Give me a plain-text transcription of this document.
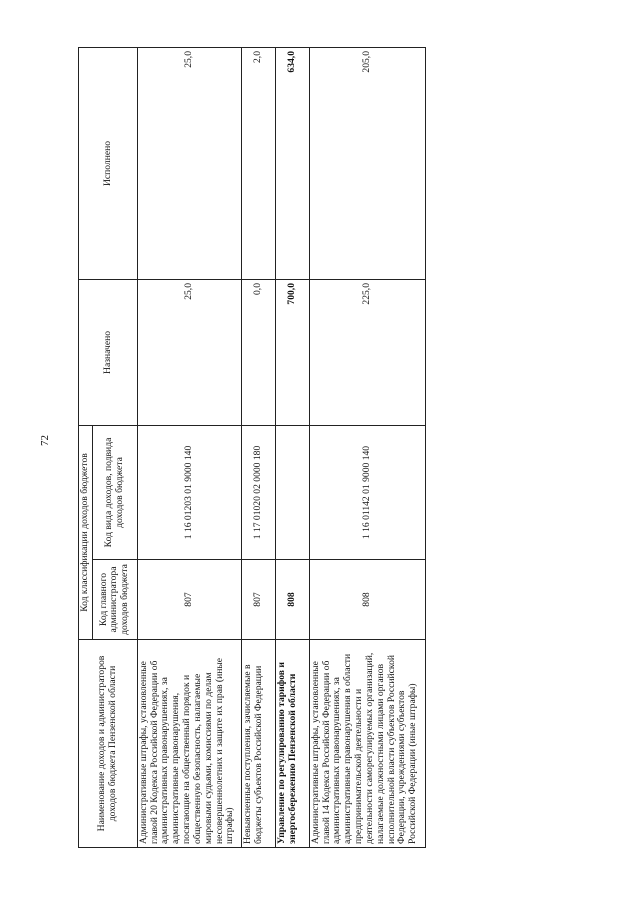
72
Наименование доходов и администраторов доходов бюджета Пензенской области	Код классификации доходов бюджетов		Назначено	Исполнено
	Код главного администратора доходов бюджета	Код вида доходов, подвида доходов бюджета		
Административные штрафы, установленные главой 20 Кодекса Российской Федерации об административных правонарушениях, за административные правонарушения, посягающие на общественный порядок и общественную безопасность, налагаемые мировыми судьями, комиссиями по делам несовершеннолетних и защите их прав (иные штрафы)	807	1 16 01203 01 9000 140	25,0	25,0
Невыясненные поступления, зачисляемые в бюджеты субъектов Российской Федерации	807	1 17 01020 02 0000 180	0,0	2,0
Управление по регулированию тарифов и энергосбережению Пензенской области	808		700,0	634,0
Административные штрафы, установленные главой 14 Кодекса Российской Федерации об административных правонарушениях, за административные правонарушения в области предпринимательской деятельности и деятельности саморегулируемых организаций, налагаемые должностными лицами органов исполнительной власти субъектов Российской Федерации, учреждениями субъектов Российской Федерации (иные штрафы)	808	1 16 01142 01 9000 140	225,0	205,0
